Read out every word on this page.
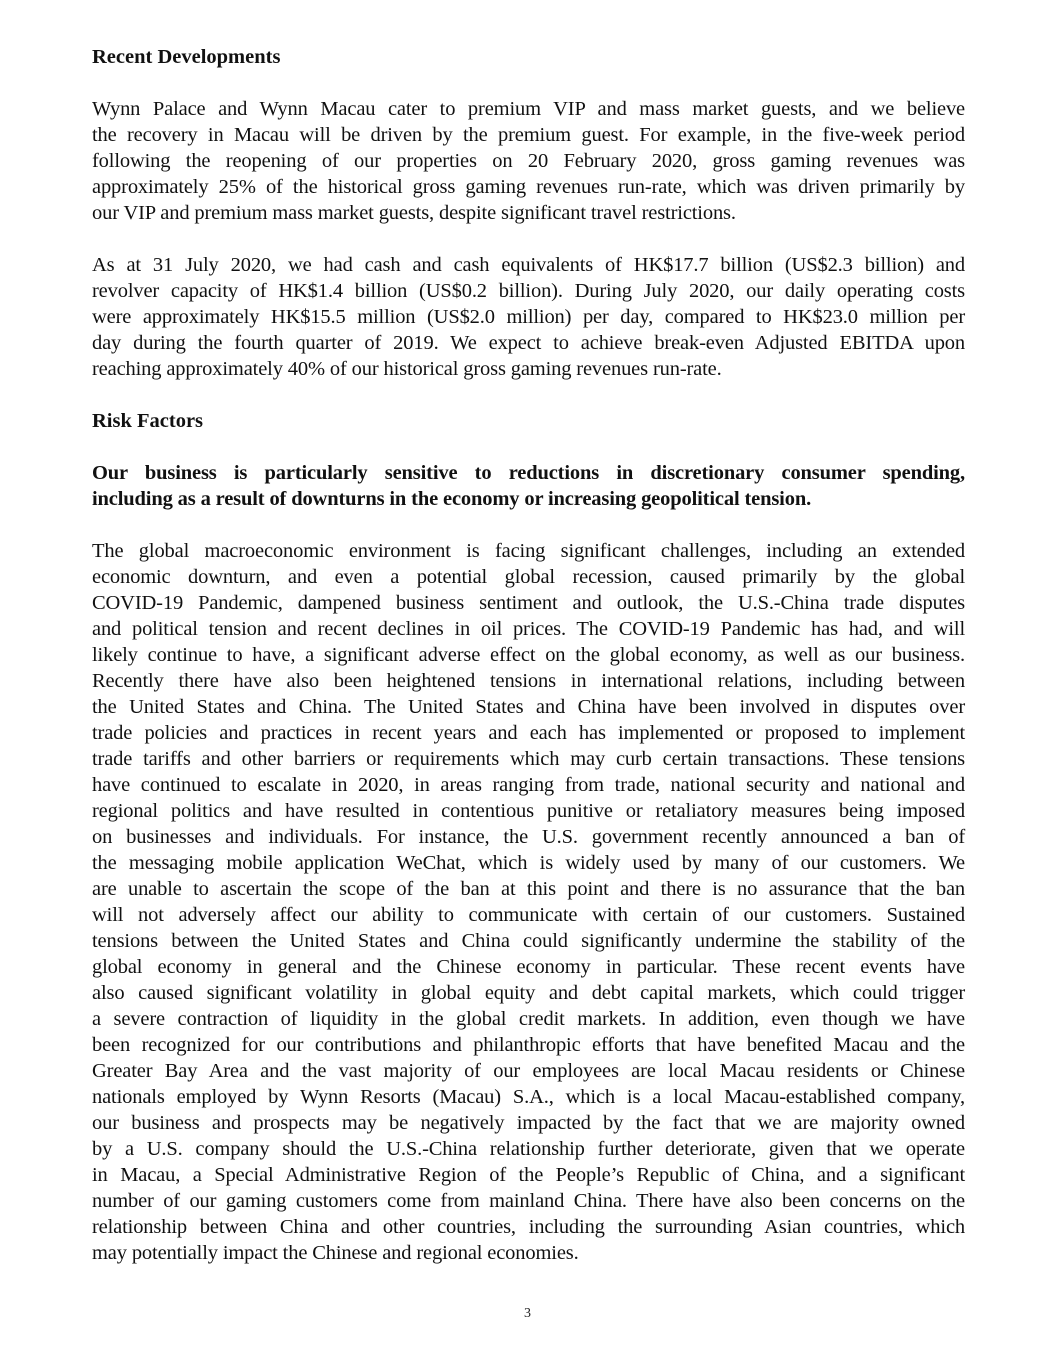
Recent Developments
Wynn Palace and Wynn Macau cater to premium VIP and mass market guests, and we believe
the recovery in Macau will be driven by the premium guest. For example, in the five-week period
following the reopening of our properties on 20 February 2020, gross gaming revenues was
approximately 25% of the historical gross gaming revenues run-rate, which was driven primarily by
our VIP and premium mass market guests, despite significant travel restrictions.
As at 31 July 2020, we had cash and cash equivalents of HK$17.7 billion (US$2.3 billion) and
revolver capacity of HK$1.4 billion (US$0.2 billion). During July 2020, our daily operating costs
were approximately HK$15.5 million (US$2.0 million) per day, compared to HK$23.0 million per
day during the fourth quarter of 2019. We expect to achieve break-even Adjusted EBITDA upon
reaching approximately 40% of our historical gross gaming revenues run-rate.
Risk Factors
Our business is particularly sensitive to reductions in discretionary consumer spending,
including as a result of downturns in the economy or increasing geopolitical tension.
The global macroeconomic environment is facing significant challenges, including an extended
economic downturn, and even a potential global recession, caused primarily by the global
COVID-19 Pandemic, dampened business sentiment and outlook, the U.S.-China trade disputes
and political tension and recent declines in oil prices. The COVID-19 Pandemic has had, and will
likely continue to have, a significant adverse effect on the global economy, as well as our business.
Recently there have also been heightened tensions in international relations, including between
the United States and China. The United States and China have been involved in disputes over
trade policies and practices in recent years and each has implemented or proposed to implement
trade tariffs and other barriers or requirements which may curb certain transactions. These tensions
have continued to escalate in 2020, in areas ranging from trade, national security and national and
regional politics and have resulted in contentious punitive or retaliatory measures being imposed
on businesses and individuals. For instance, the U.S. government recently announced a ban of
the messaging mobile application WeChat, which is widely used by many of our customers. We
are unable to ascertain the scope of the ban at this point and there is no assurance that the ban
will not adversely affect our ability to communicate with certain of our customers. Sustained
tensions between the United States and China could significantly undermine the stability of the
global economy in general and the Chinese economy in particular. These recent events have
also caused significant volatility in global equity and debt capital markets, which could trigger
a severe contraction of liquidity in the global credit markets. In addition, even though we have
been recognized for our contributions and philanthropic efforts that have benefited Macau and the
Greater Bay Area and the vast majority of our employees are local Macau residents or Chinese
nationals employed by Wynn Resorts (Macau) S.A., which is a local Macau-established company,
our business and prospects may be negatively impacted by the fact that we are majority owned
by a U.S. company should the U.S.-China relationship further deteriorate, given that we operate
in Macau, a Special Administrative Region of the People’s Republic of China, and a significant
number of our gaming customers come from mainland China. There have also been concerns on the
relationship between China and other countries, including the surrounding Asian countries, which
may potentially impact the Chinese and regional economies.
3
